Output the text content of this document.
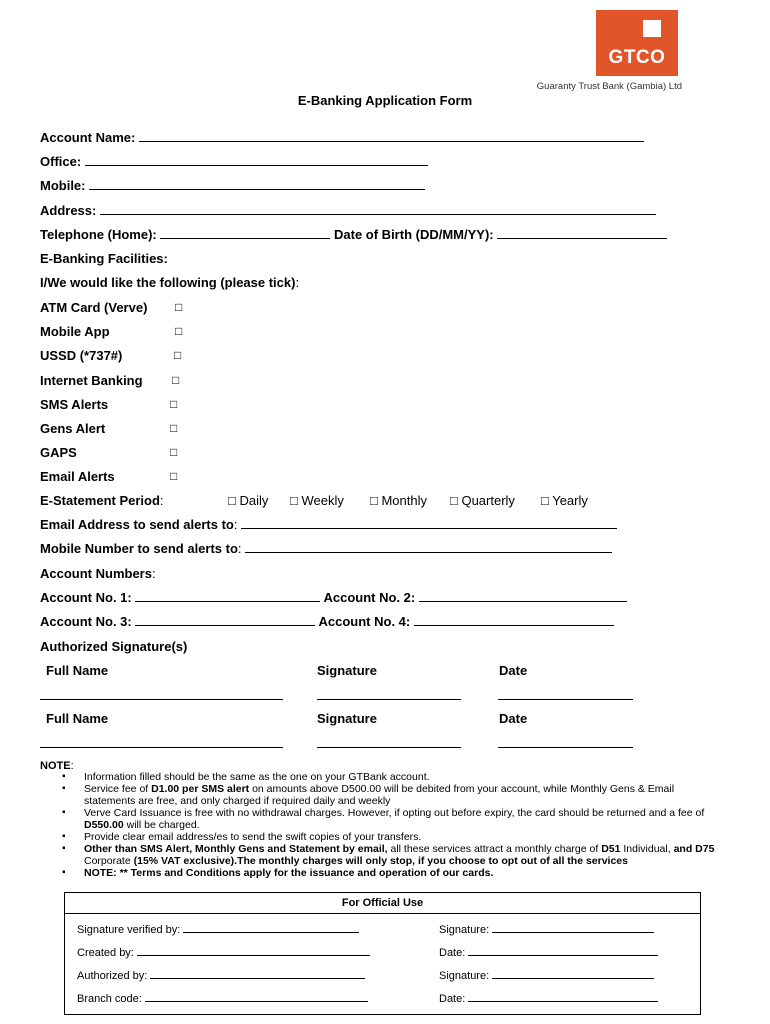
GTCO
Guaranty Trust Bank (Gambia) Ltd
E-Banking Application Form
Account Name:
Office:
Mobile:
Address:
Telephone (Home):	Date of Birth (DD/MM/YY):
E-Banking Facilities:
I/We would like the following (please tick):
ATM Card (Verve) □
Mobile App	□
USSD (*737#)	□
Internet Banking □
SMS Alerts	□
Gens Alert	□
GAPS	□
Email Alerts	□
E-Statement Period:	□ Daily □ Weekly □ Monthly □ Quarterly □ Yearly
Email Address to send alerts to:
Mobile Number to send alerts to:
Account Numbers:
Account No. 1:	Account No. 2:
Account No. 3:	Account No. 4:
Authorized Signature(s)
Full Name	Signature	Date
Full Name	Signature	Date
NOTE:
▪ Information filled should be the same as the one on your GTBank account.
▪ Service fee of D1.00 per SMS alert on amounts above D500.00 will be debited from your account, while Monthly Gens & Email statements are free, and only charged if required daily and weekly
▪ Verve Card Issuance is free with no withdrawal charges. However, if opting out before expiry, the card should be returned and a fee of D550.00 will be charged.
▪ Provide clear email address/es to send the swift copies of your transfers.
▪ Other than SMS Alert, Monthly Gens and Statement by email, all these services attract a monthly charge of D51 Individual, and D75 Corporate (15% VAT exclusive).The monthly charges will only stop, if you choose to opt out of all the services
▪ NOTE: ** Terms and Conditions apply for the issuance and operation of our cards.
For Official Use
Signature verified by:	Signature:
Created by:	Date:
Authorized by:	Signature:
Branch code:	Date:
